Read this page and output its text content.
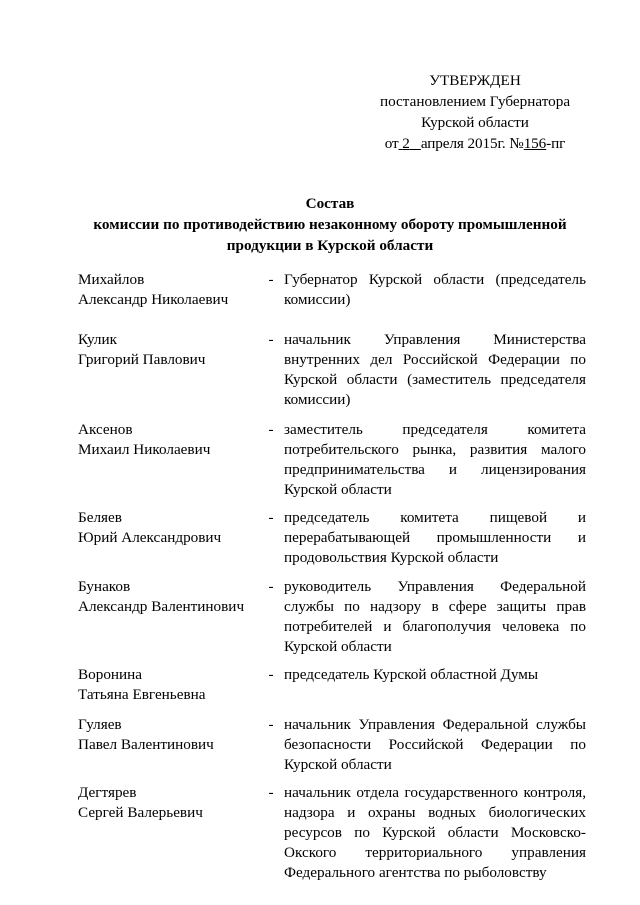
УТВЕРЖДЕН
постановлением Губернатора
Курской области
от 2 апреля 2015г. №156-пг
Состав
комиссии по противодействию незаконному обороту промышленной
продукции в Курской области
Михайлов
Александр Николаевич
- Губернатор Курской области (председатель комиссии)
Кулик
Григорий Павлович
- начальник Управления Министерства внутренних дел Российской Федерации по Курской области (заместитель председателя комиссии)
Аксенов
Михаил Николаевич
- заместитель председателя комитета потребительского рынка, развития малого предпринимательства и лицензирования Курской области
Беляев
Юрий Александрович
- председатель комитета пищевой и перерабатывающей промышленности и продовольствия Курской области
Бунаков
Александр Валентинович
- руководитель Управления Федеральной службы по надзору в сфере защиты прав потребителей и благополучия человека по Курской области
Воронина
Татьяна Евгеньевна
- председатель Курской областной Думы
Гуляев
Павел Валентинович
- начальник Управления Федеральной службы безопасности Российской Федерации по Курской области
Дегтярев
Сергей Валерьевич
- начальник отдела государственного контроля, надзора и охраны водных биологических ресурсов по Курской области Московско-Окского территориального управления Федерального агентства по рыболовству
